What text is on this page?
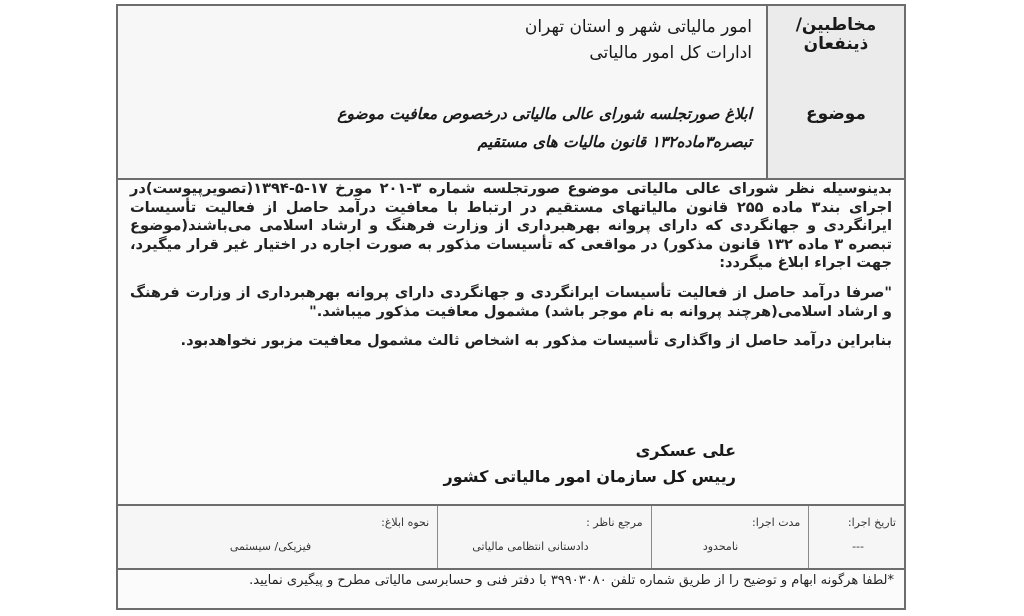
مخاطبین/ ذینفعان
امور مالیاتی شهر و استان تهران
ادارات کل امور مالیاتی
موضوع
ابلاغ صورتجلسه شورای عالی مالیاتی درخصوص معافیت موضوع
تبصره۳ماده۱۳۲ قانون مالیات های مستقیم

بدینوسیله نظر شورای عالی مالیاتی موضوع صورتجلسه شماره ۳-۲۰۱ مورخ ۱۷-۵-۱۳۹۴(تصویرپیوست)در اجرای بند۳ ماده ۲۵۵ قانون مالیاتهای مستقیم در ارتباط با معافیت درآمد حاصل از فعالیت تأسیسات ایرانگردی و جهانگردی که دارای پروانه بهرهبرداری از وزارت فرهنگ و ارشاد اسلامی می‌باشند(موضوع تبصره ۳ ماده ۱۳۲ قانون مذکور) در مواقعی که تأسیسات مذکور به صورت اجاره در اختیار غیر قرار میگیرد، جهت اجراء ابلاغ میگردد:

"صرفا درآمد حاصل از فعالیت تأسیسات ایرانگردی و جهانگردی دارای پروانه بهرهبرداری از وزارت فرهنگ و ارشاد اسلامی(هرچند پروانه به نام موجر باشد) مشمول معافیت مذکور میباشد."

بنابراین درآمد حاصل از واگذاری تأسیسات مذکور به اشخاص ثالث مشمول معافیت مزبور نخواهدبود.

علی عسکری
رییس کل سازمان امور مالیاتی کشور
تاریخ اجرا:
---
مدت اجرا:
نامحدود
مرجع ناظر :
دادستانی انتظامی مالیاتی
نحوه ابلاغ:
فیزیکی/ سیستمی
*لطفا هرگونه ابهام و توضیح را از طریق شماره تلفن ۳۹۹۰۳۰۸۰ با دفتر فنی و حسابرسی مالیاتی مطرح و پیگیری نمایید.
